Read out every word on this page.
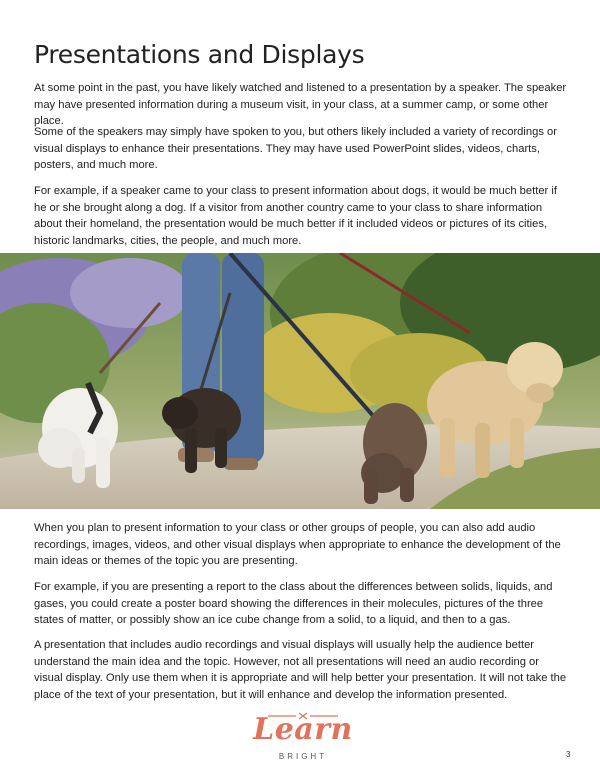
Presentations and Displays

At some point in the past, you have likely watched and listened to a presentation by a speaker. The speaker may have presented information during a museum visit, in your class, at a summer camp, or some other place.

Some of the speakers may simply have spoken to you, but others likely included a variety of recordings or visual displays to enhance their presentations. They may have used PowerPoint slides, videos, charts, posters, and much more.

For example, if a speaker came to your class to present information about dogs, it would be much better if he or she brought along a dog. If a visitor from another country came to your class to share information about their homeland, the presentation would be much better if it included videos or pictures of its cities, historic landmarks, cities, the people, and much more.

When you plan to present information to your class or other groups of people, you can also add audio recordings, images, videos, and other visual displays when appropriate to enhance the development of the main ideas or themes of the topic you are presenting.

For example, if you are presenting a report to the class about the differences between solids, liquids, and gases, you could create a poster board showing the differences in their molecules, pictures of the three states of matter, or possibly show an ice cube change from a solid, to a liquid, and then to a gas.

A presentation that includes audio recordings and visual displays will usually help the audience better understand the main idea and the topic. However, not all presentations will need an audio recording or visual display. Only use them when it is appropriate and will help better your presentation. It will not take the place of the text of your presentation, but it will enhance and develop the information presented.

Learn
BRIGHT	3
